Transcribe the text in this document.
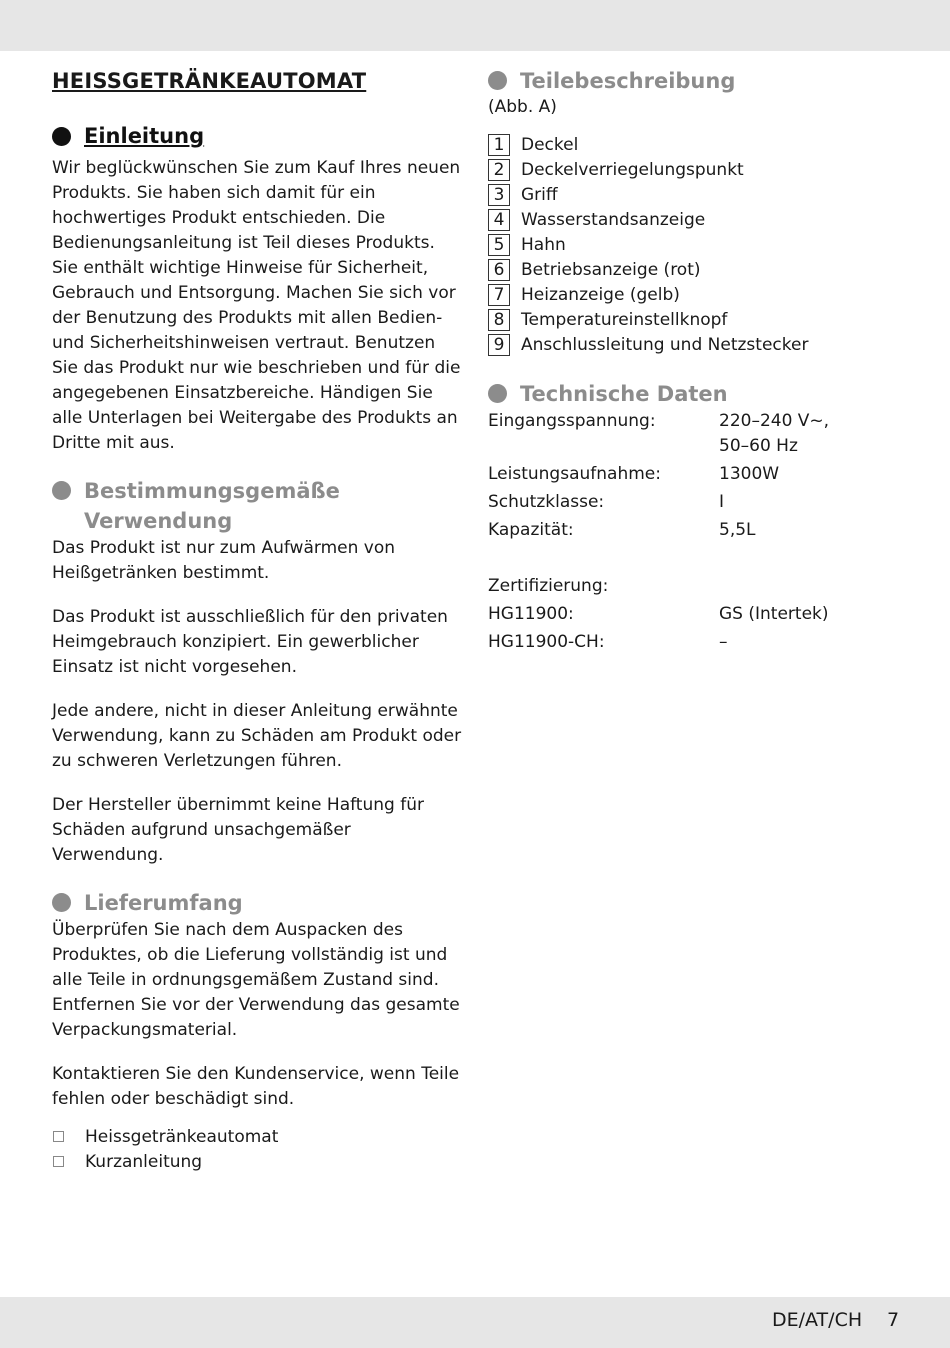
HEISSGETRÄNKEAUTOMAT
Einleitung

Wir beglückwünschen Sie zum Kauf Ihres neuen Produkts. Sie haben sich damit für ein hochwertiges Produkt entschieden. Die Bedienungsanleitung ist Teil dieses Produkts. Sie enthält wichtige Hinweise für Sicherheit, Gebrauch und Entsorgung. Machen Sie sich vor der Benutzung des Produkts mit allen Bedien- und Sicherheitshinweisen vertraut. Benutzen Sie das Produkt nur wie beschrieben und für die angegebenen Einsatzbereiche. Händigen Sie alle Unterlagen bei Weitergabe des Produkts an Dritte mit aus.

Bestimmungsgemäße
Verwendung

Das Produkt ist nur zum Aufwärmen von Heißgetränken bestimmt.

Das Produkt ist ausschließlich für den privaten Heimgebrauch konzipiert. Ein gewerblicher Einsatz ist nicht vorgesehen.

Jede andere, nicht in dieser Anleitung erwähnte Verwendung, kann zu Schäden am Produkt oder zu schweren Verletzungen führen.

Der Hersteller übernimmt keine Haftung für Schäden aufgrund unsachgemäßer Verwendung.

Lieferumfang

Überprüfen Sie nach dem Auspacken des Produktes, ob die Lieferung vollständig ist und alle Teile in ordnungsgemäßem Zustand sind. Entfernen Sie vor der Verwendung das gesamte Verpackungsmaterial.

Kontaktieren Sie den Kundenservice, wenn Teile fehlen oder beschädigt sind.

Heissgetränkeautomat
Kurzanleitung
Teilebeschreibung

(Abb. A)

1 Deckel
2 Deckelverriegelungspunkt
3 Griff
4 Wasserstandsanzeige
5 Hahn
6 Betriebsanzeige (rot)
7 Heizanzeige (gelb)
8 Temperatureinstellknopf
9 Anschlussleitung und Netzstecker
Technische Daten
Eingangsspannung:	220–240 V~,
50–60 Hz
Leistungsaufnahme:	1300W
Schutzklasse:	I
Kapazität:	5,5L
Zertifizierung:
HG11900:	GS (Intertek)
HG11900-CH:	–
DE/AT/CH 7
